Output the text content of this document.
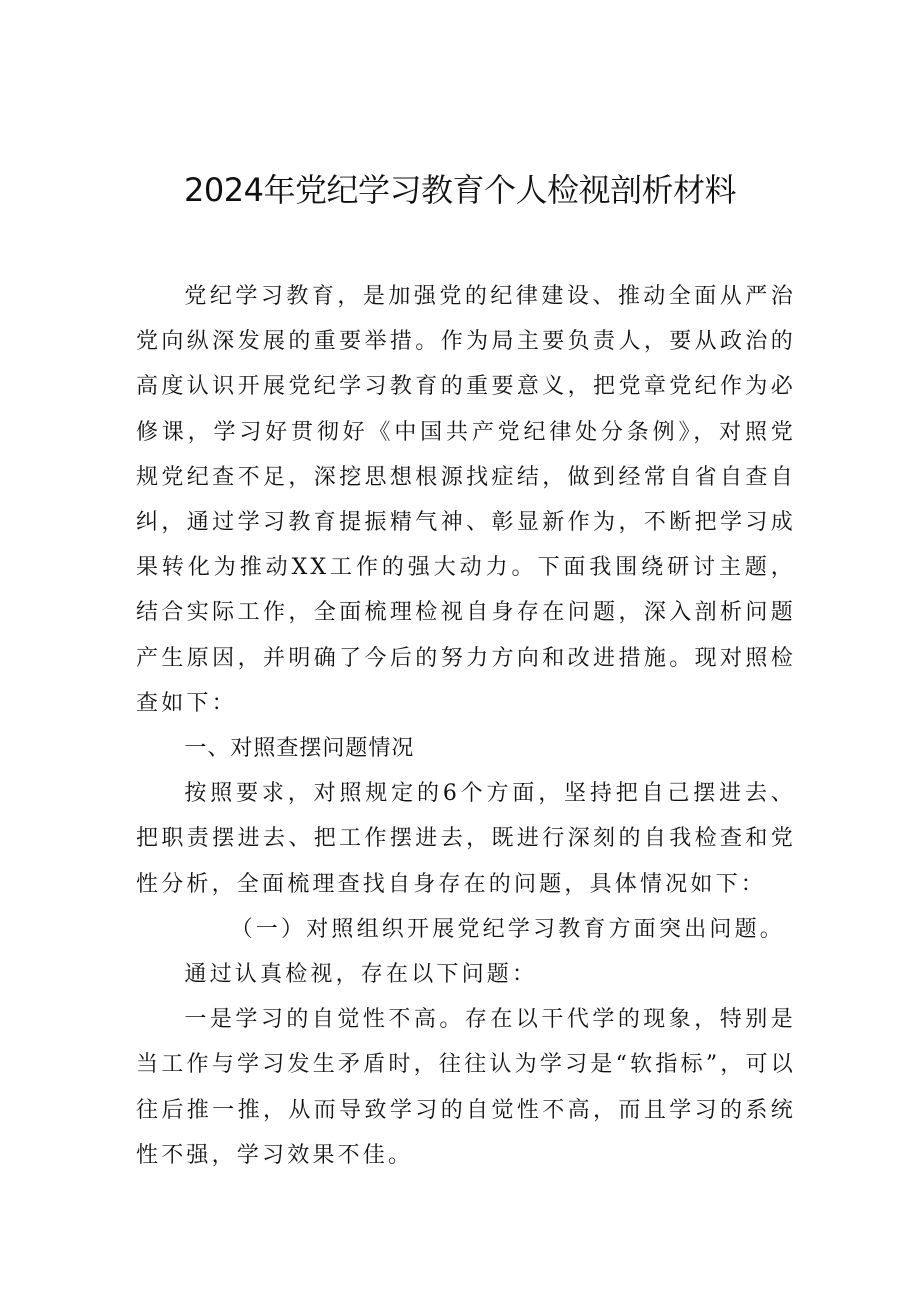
2024年党纪学习教育个人检视剖析材料

党纪学习教育，是加强党的纪律建设、推动全面从严治党向纵深发展的重要举措。作为局主要负责人，要从政治的高度认识开展党纪学习教育的重要意义，把党章党纪作为必修课，学习好贯彻好《中国共产党纪律处分条例》，对照党规党纪查不足，深挖思想根源找症结，做到经常自省自查自纠，通过学习教育提振精气神、彰显新作为，不断把学习成果转化为推动XX工作的强大动力。下面我围绕研讨主题，结合实际工作，全面梳理检视自身存在问题，深入剖析问题产生原因，并明确了今后的努力方向和改进措施。现对照检查如下：

一、对照查摆问题情况

按照要求，对照规定的6个方面，坚持把自己摆进去、把职责摆进去、把工作摆进去，既进行深刻的自我检查和党性分析，全面梳理查找自身存在的问题，具体情况如下：

（一）对照组织开展党纪学习教育方面突出问题。

通过认真检视，存在以下问题：

一是学习的自觉性不高。存在以干代学的现象，特别是当工作与学习发生矛盾时，往往认为学习是“软指标”，可以往后推一推，从而导致学习的自觉性不高，而且学习的系统性不强，学习效果不佳。
